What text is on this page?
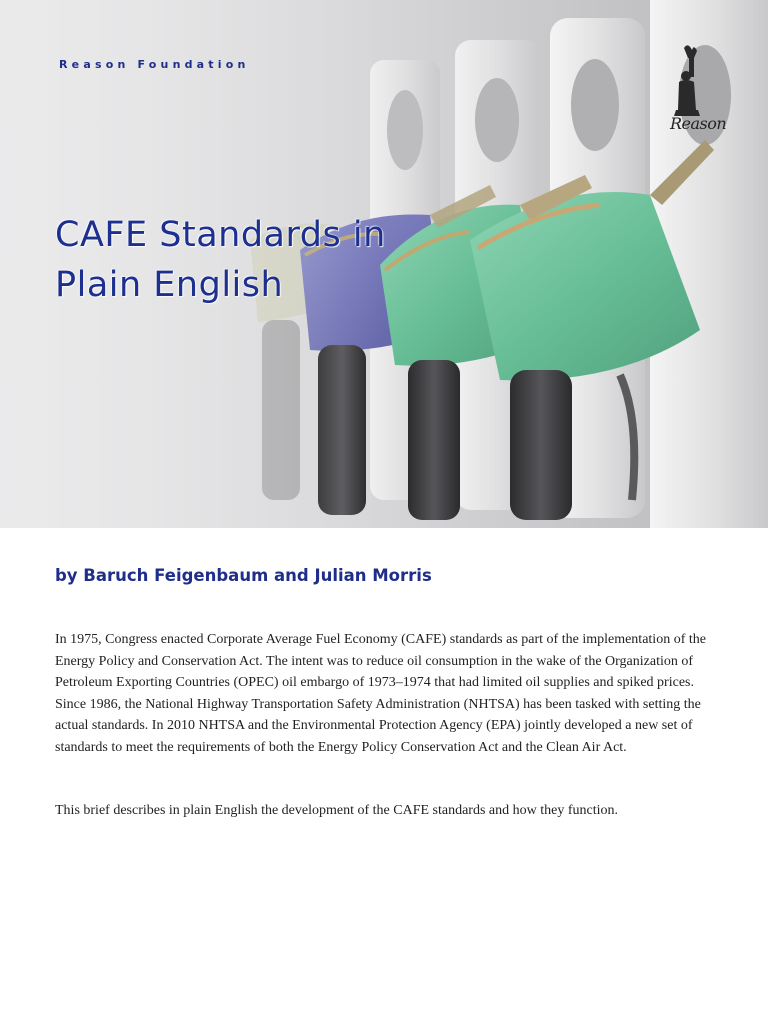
Reason Foundation

Reason

CAFE Standards in
Plain English

by Baruch Feigenbaum and Julian Morris

In 1975, Congress enacted Corporate Average Fuel Economy (CAFE) standards as part of the implementation of the Energy Policy and Conservation Act. The intent was to reduce oil consumption in the wake of the Organization of Petroleum Exporting Countries (OPEC) oil embargo of 1973–1974 that had limited oil supplies and spiked prices. Since 1986, the National Highway Transportation Safety Administration (NHTSA) has been tasked with setting the actual standards. In 2010 NHTSA and the Environmental Protection Agency (EPA) jointly developed a new set of standards to meet the requirements of both the Energy Policy Conservation Act and the Clean Air Act.

This brief describes in plain English the development of the CAFE standards and how they function.
